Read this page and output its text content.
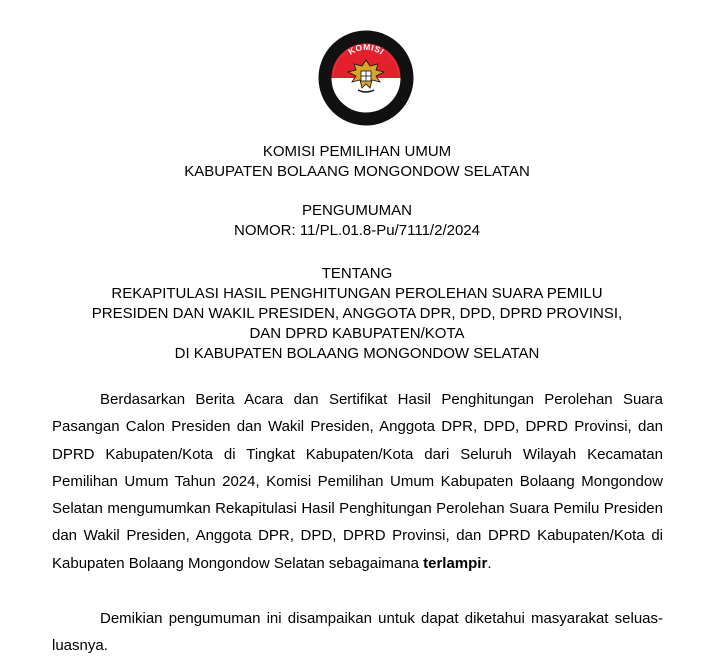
KOMISI
PEMILIHAN UMUM
KOMISI PEMILIHAN UMUM
KABUPATEN BOLAANG MONGONDOW SELATAN
PENGUMUMAN
NOMOR: 11/PL.01.8-Pu/7111/2/2024
TENTANG
REKAPITULASI HASIL PENGHITUNGAN PEROLEHAN SUARA PEMILU
PRESIDEN DAN WAKIL PRESIDEN, ANGGOTA DPR, DPD, DPRD PROVINSI,
DAN DPRD KABUPATEN/KOTA
DI KABUPATEN BOLAANG MONGONDOW SELATAN
Berdasarkan Berita Acara dan Sertifikat Hasil Penghitungan Perolehan Suara Pasangan Calon Presiden dan Wakil Presiden, Anggota DPR, DPD, DPRD Provinsi, dan DPRD Kabupaten/Kota di Tingkat Kabupaten/Kota dari Seluruh Wilayah Kecamatan Pemilihan Umum Tahun 2024, Komisi Pemilihan Umum Kabupaten Bolaang Mongondow Selatan mengumumkan Rekapitulasi Hasil Penghitungan Perolehan Suara Pemilu Presiden dan Wakil Presiden, Anggota DPR, DPD, DPRD Provinsi, dan DPRD Kabupaten/Kota di Kabupaten Bolaang Mongondow Selatan sebagaimana terlampir.
Demikian pengumuman ini disampaikan untuk dapat diketahui masyarakat seluas-luasnya.
